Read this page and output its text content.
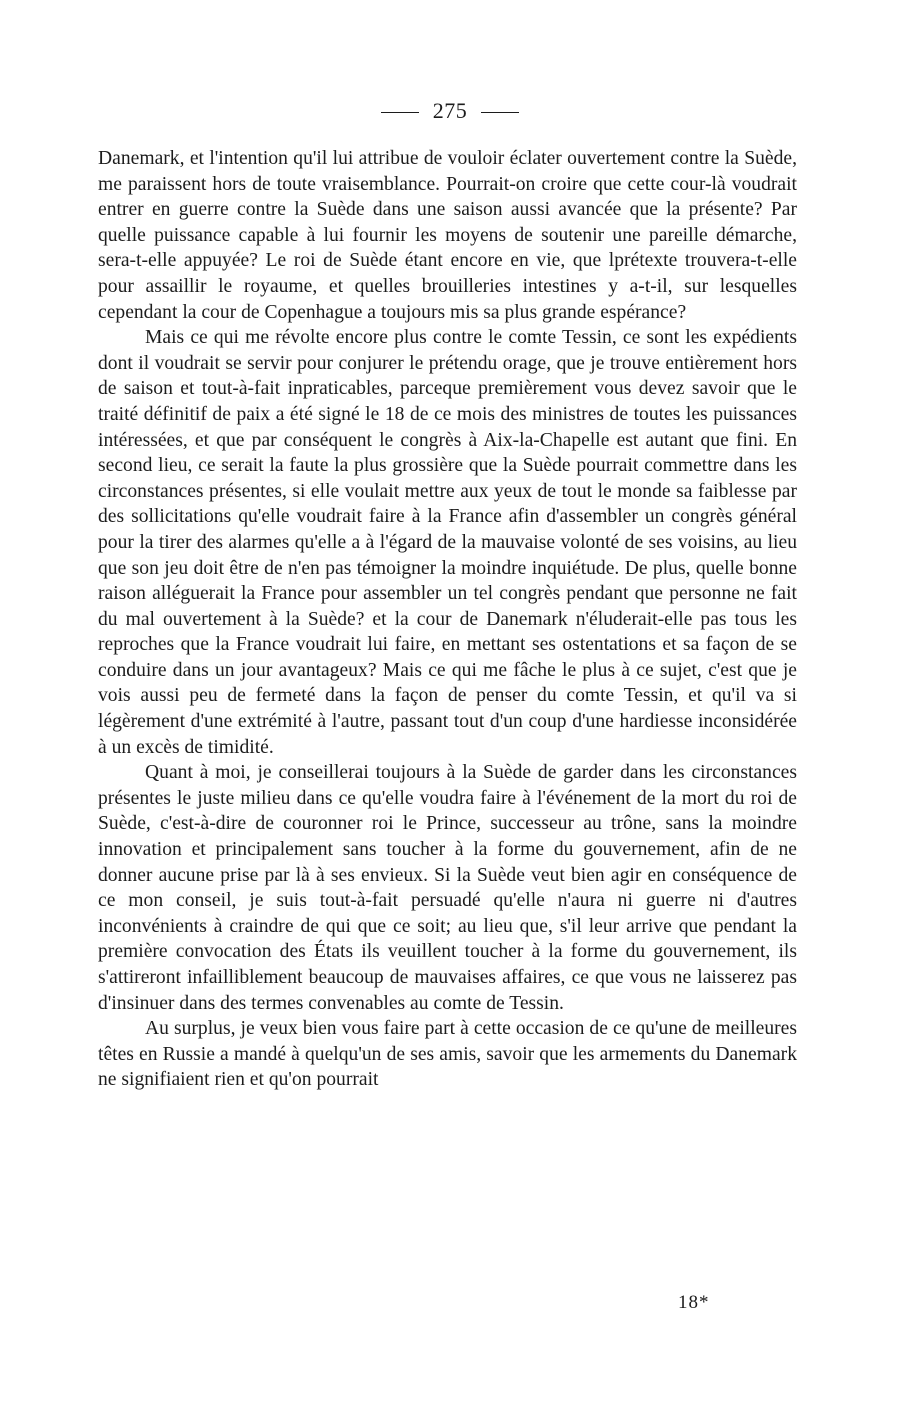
275

Danemark, et l'intention qu'il lui attribue de vouloir éclater ouvertement contre la Suède, me paraissent hors de toute vraisemblance. Pourrait-on croire que cette cour-là voudrait entrer en guerre contre la Suède dans une saison aussi avancée que la présente? Par quelle puissance capable à lui fournir les moyens de soutenir une pareille démarche, sera-t-elle appuyée? Le roi de Suède étant encore en vie, que lprétexte trouvera-t-elle pour assaillir le royaume, et quelles brouilleries intestines y a-t-il, sur lesquelles cependant la cour de Copenhague a toujours mis sa plus grande espérance?

Mais ce qui me révolte encore plus contre le comte Tessin, ce sont les expédients dont il voudrait se servir pour conjurer le prétendu orage, que je trouve entièrement hors de saison et tout-à-fait inpraticables, parceque premièrement vous devez savoir que le traité définitif de paix a été signé le 18 de ce mois des ministres de toutes les puissances intéressées, et que par conséquent le congrès à Aix-la-Chapelle est autant que fini. En second lieu, ce serait la faute la plus grossière que la Suède pourrait commettre dans les circonstances présentes, si elle voulait mettre aux yeux de tout le monde sa faiblesse par des sollicitations qu'elle voudrait faire à la France afin d'assembler un congrès général pour la tirer des alarmes qu'elle a à l'égard de la mauvaise volonté de ses voisins, au lieu que son jeu doit être de n'en pas témoigner la moindre inquiétude. De plus, quelle bonne raison alléguerait la France pour assembler un tel congrès pendant que personne ne fait du mal ouvertement à la Suède? et la cour de Danemark n'éluderait-elle pas tous les reproches que la France voudrait lui faire, en mettant ses ostentations et sa façon de se conduire dans un jour avantageux? Mais ce qui me fâche le plus à ce sujet, c'est que je vois aussi peu de fermeté dans la façon de penser du comte Tessin, et qu'il va si légèrement d'une extrémité à l'autre, passant tout d'un coup d'une hardiesse inconsidérée à un excès de timidité.

Quant à moi, je conseillerai toujours à la Suède de garder dans les circonstances présentes le juste milieu dans ce qu'elle voudra faire à l'événement de la mort du roi de Suède, c'est-à-dire de couronner roi le Prince, successeur au trône, sans la moindre innovation et principalement sans toucher à la forme du gouvernement, afin de ne donner aucune prise par là à ses envieux. Si la Suède veut bien agir en conséquence de ce mon conseil, je suis tout-à-fait persuadé qu'elle n'aura ni guerre ni d'autres inconvénients à craindre de qui que ce soit; au lieu que, s'il leur arrive que pendant la première convocation des États ils veuillent toucher à la forme du gouvernement, ils s'attireront infailliblement beaucoup de mauvaises affaires, ce que vous ne laisserez pas d'insinuer dans des termes convenables au comte de Tessin.

Au surplus, je veux bien vous faire part à cette occasion de ce qu'une de meilleures têtes en Russie a mandé à quelqu'un de ses amis, savoir que les armements du Danemark ne signifiaient rien et qu'on pourrait

18*
